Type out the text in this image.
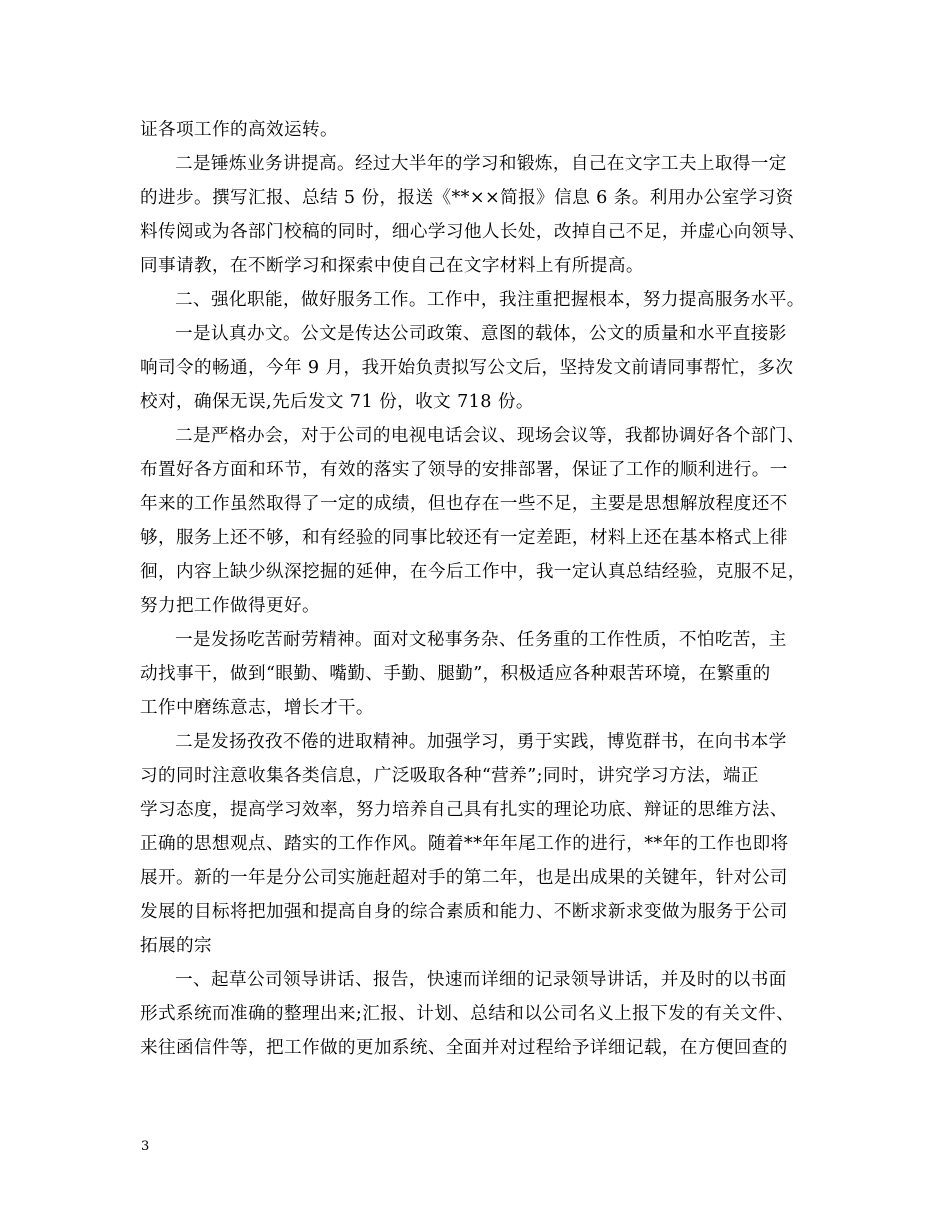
证各项工作的高效运转。
二是锤炼业务讲提高。经过大半年的学习和锻炼，自己在文字工夫上取得一定
的进步。撰写汇报、总结 5 份，报送《**××简报》信息 6 条。利用办公室学习资
料传阅或为各部门校稿的同时，细心学习他人长处，改掉自己不足，并虚心向领导、
同事请教，在不断学习和探索中使自己在文字材料上有所提高。
二、强化职能，做好服务工作。工作中，我注重把握根本，努力提高服务水平。
一是认真办文。公文是传达公司政策、意图的载体，公文的质量和水平直接影
响司令的畅通，今年 9 月，我开始负责拟写公文后，坚持发文前请同事帮忙，多次
校对，确保无误,先后发文 71 份，收文 718 份。
二是严格办会，对于公司的电视电话会议、现场会议等，我都协调好各个部门、
布置好各方面和环节，有效的落实了领导的安排部署，保证了工作的顺利进行。一
年来的工作虽然取得了一定的成绩，但也存在一些不足，主要是思想解放程度还不
够，服务上还不够，和有经验的同事比较还有一定差距，材料上还在基本格式上徘
徊，内容上缺少纵深挖掘的延伸，在今后工作中，我一定认真总结经验，克服不足，
努力把工作做得更好。
一是发扬吃苦耐劳精神。面对文秘事务杂、任务重的工作性质，不怕吃苦，主
动找事干，做到“眼勤、嘴勤、手勤、腿勤”，积极适应各种艰苦环境，在繁重的
工作中磨练意志，增长才干。
二是发扬孜孜不倦的进取精神。加强学习，勇于实践，博览群书，在向书本学
习的同时注意收集各类信息，广泛吸取各种“营养”;同时，讲究学习方法，端正
学习态度，提高学习效率，努力培养自己具有扎实的理论功底、辩证的思维方法、
正确的思想观点、踏实的工作作风。随着**年年尾工作的进行，**年的工作也即将
展开。新的一年是分公司实施赶超对手的第二年，也是出成果的关键年，针对公司
发展的目标将把加强和提高自身的综合素质和能力、不断求新求变做为服务于公司
拓展的宗
一、起草公司领导讲话、报告，快速而详细的记录领导讲话，并及时的以书面
形式系统而准确的整理出来;汇报、计划、总结和以公司名义上报下发的有关文件、
来往函信件等，把工作做的更加系统、全面并对过程给予详细记载，在方便回查的
3
